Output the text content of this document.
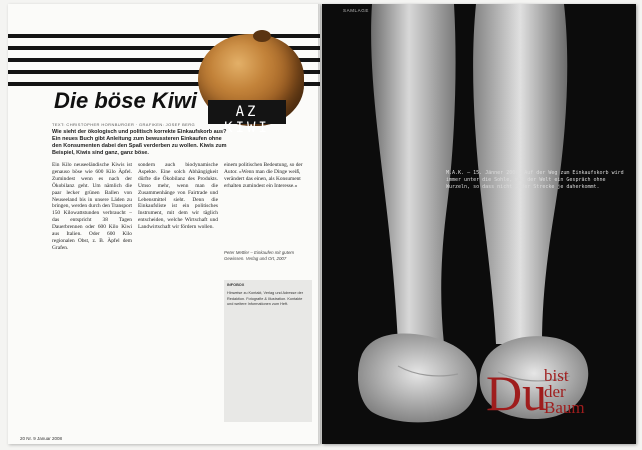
AZ KIWI
Die böse Kiwi
TEXT: CHRISTOPHER HORNBURGER · GRAFIKEN: JOSEF BERG
Wie sieht der ökologisch und politisch korrekte Einkaufskorb aus? Ein neues Buch gibt Anleitung zum bewussteren Einkaufen ohne den Konsumenten dabei den Spaß verderben zu wollen. Kiwis zum Beispiel, Kiwis sind ganz, ganz böse.

Ein Kilo neuseeländische Kiwis ist genauso böse wie 600 Kilo Äpfel. Zumindest wenn es nach der Ökobilanz geht. Um nämlich die paar lecker grünen Ballen von Neuseeland bis in unsere Läden zu bringen, werden durch den Transport 150 Kilowattstunden verbraucht – das entspricht 38 Tagen Dauerbrennen oder 600 Kilo Kiwi aus Italien. Oder 600 Kilo regionalen Obst, z. B. Äpfel dem Grafen.

sondern auch biodynamische Aspekte. Eine solch Abhängigkeit dürfte die Ökobilanz des Produkts. Umso mehr, wenn man die Zusammenhänge von Fairtrade und Lebensmittel sieht. Denn die Einkaufsliste ist ein politisches Instrument, mit dem wir täglich entscheiden, welche Wirtschaft und Landwirtschaft wir fördern wollen.

einem politischen Bedeutung, so der Autor. »Wenn man die Dinge weiß, verändert das einen, als Konsument erhalten zumindest ein Interesse.«

Peter Mettler – Einkaufen mit gutem Gewissen. Verlag und Ort, 2007

INFOBOX

Hinweise zu Kontakt, Verlag und Adresse der Redaktion. Fotografie & Illustration. Kontakte und weitere Informationen zum Heft.

20 Nr. 9 Januar 2008
SAMLAGE
M.A.K. – 15. Jänner 2006. Auf der Weg zum Einkaufskorb wird immer unter die Sohle, mit der Welt ein Gespräch ohne Wurzeln, so dass nicht Jeder Strecke je daherkommt.
Du
bist
der
Baum
